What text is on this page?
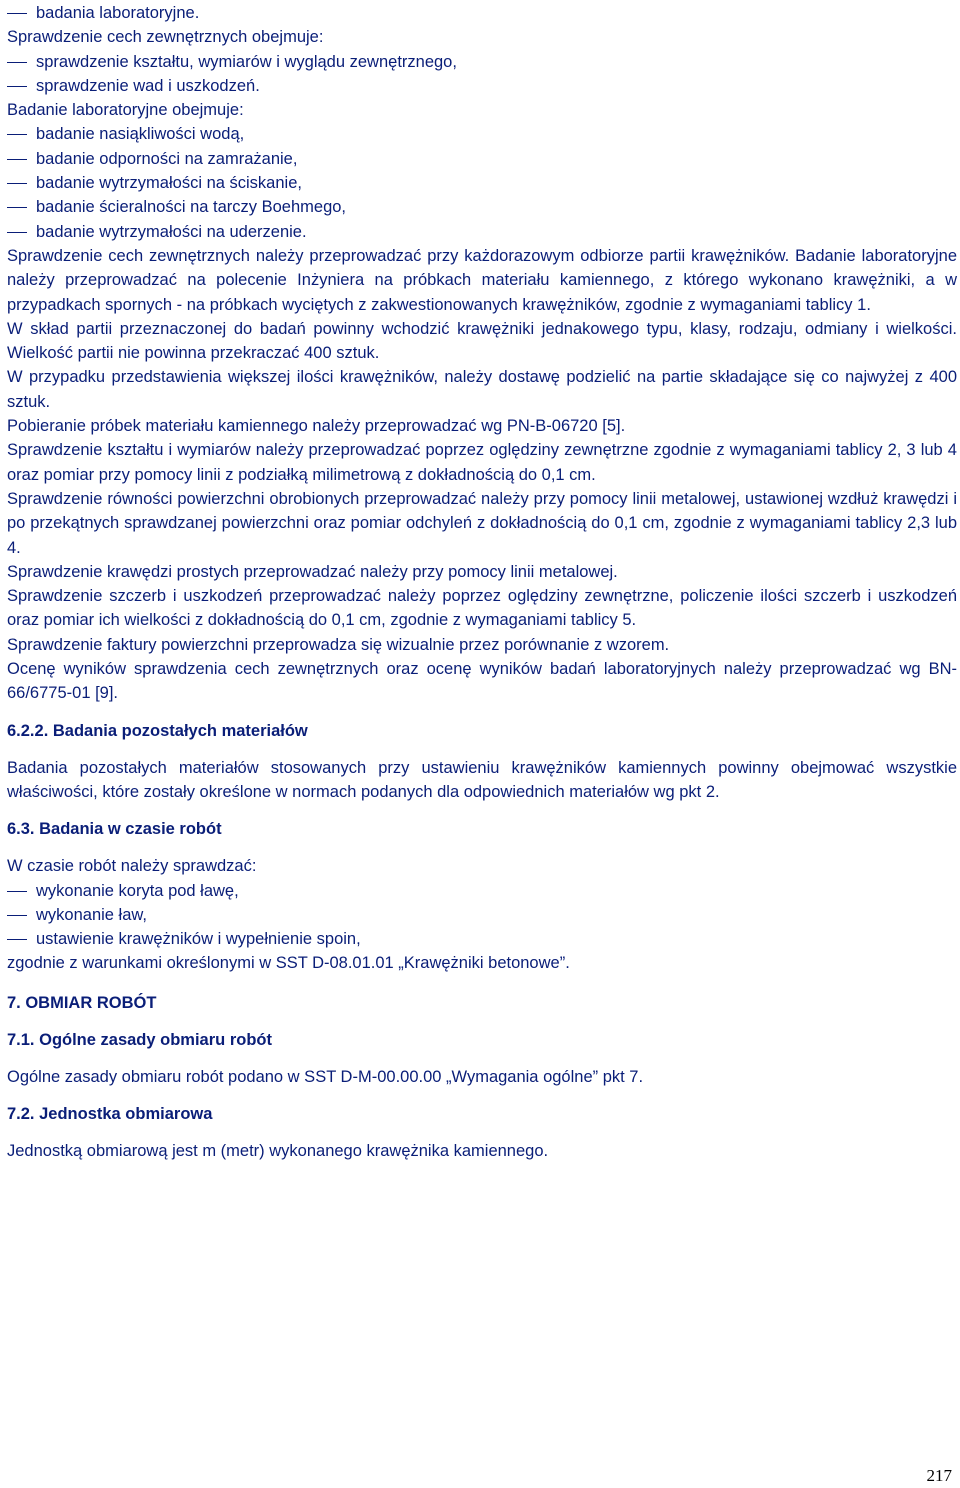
badania laboratoryjne.
Sprawdzenie cech zewnętrznych obejmuje:
sprawdzenie kształtu, wymiarów i wyglądu zewnętrznego,
sprawdzenie wad i uszkodzeń.
Badanie laboratoryjne obejmuje:
badanie nasiąkliwości wodą,
badanie odporności na zamrażanie,
badanie wytrzymałości na ściskanie,
badanie ścieralności na tarczy Boehmego,
badanie wytrzymałości na uderzenie.
Sprawdzenie cech zewnętrznych należy przeprowadzać przy każdorazowym odbiorze partii krawężników. Badanie laboratoryjne należy przeprowadzać na polecenie Inżyniera na próbkach materiału kamiennego, z którego wykonano krawężniki, a w przypadkach spornych - na próbkach wyciętych z zakwestionowanych krawężników, zgodnie z wymaganiami tablicy 1.
W skład partii przeznaczonej do badań powinny wchodzić krawężniki jednakowego typu, klasy, rodzaju, odmiany i wielkości. Wielkość partii nie powinna przekraczać 400 sztuk.
W przypadku przedstawienia większej ilości krawężników, należy dostawę podzielić na partie składające się co najwyżej z 400 sztuk.
Pobieranie próbek materiału kamiennego należy przeprowadzać wg PN-B-06720 [5].
Sprawdzenie kształtu i wymiarów należy przeprowadzać poprzez oględziny zewnętrzne zgodnie z wymaganiami tablicy 2, 3 lub 4 oraz pomiar przy pomocy linii z podziałką milimetrową z dokładnością do 0,1 cm.
Sprawdzenie równości powierzchni obrobionych przeprowadzać należy przy pomocy linii metalowej, ustawionej wzdłuż krawędzi i po przekątnych sprawdzanej powierzchni oraz pomiar odchyleń z dokładnością do 0,1 cm, zgodnie z wymaganiami tablicy 2,3 lub 4.
Sprawdzenie krawędzi prostych przeprowadzać należy przy pomocy linii metalowej.
Sprawdzenie szczerb i uszkodzeń przeprowadzać należy poprzez oględziny zewnętrzne, policzenie ilości szczerb i uszkodzeń oraz pomiar ich wielkości z dokładnością do 0,1 cm, zgodnie z wymaganiami tablicy 5.
Sprawdzenie faktury powierzchni przeprowadza się wizualnie przez porównanie z wzorem.
Ocenę wyników sprawdzenia cech zewnętrznych oraz ocenę wyników badań laboratoryjnych należy przeprowadzać wg BN-66/6775-01 [9].
6.2.2. Badania pozostałych materiałów
Badania pozostałych materiałów stosowanych przy ustawieniu krawężników kamiennych powinny obejmować wszystkie właściwości, które zostały określone w normach podanych dla odpowiednich materiałów wg pkt 2.
6.3. Badania w czasie robót
W czasie robót należy sprawdzać:
wykonanie koryta pod ławę,
wykonanie ław,
ustawienie krawężników i wypełnienie spoin,
zgodnie z warunkami określonymi w SST D-08.01.01 „Krawężniki betonowe”.
7. OBMIAR ROBÓT
7.1. Ogólne zasady obmiaru robót
Ogólne zasady obmiaru robót podano w SST D-M-00.00.00 „Wymagania ogólne” pkt 7.
7.2. Jednostka obmiarowa
Jednostką obmiarową jest m (metr) wykonanego krawężnika kamiennego.
217
